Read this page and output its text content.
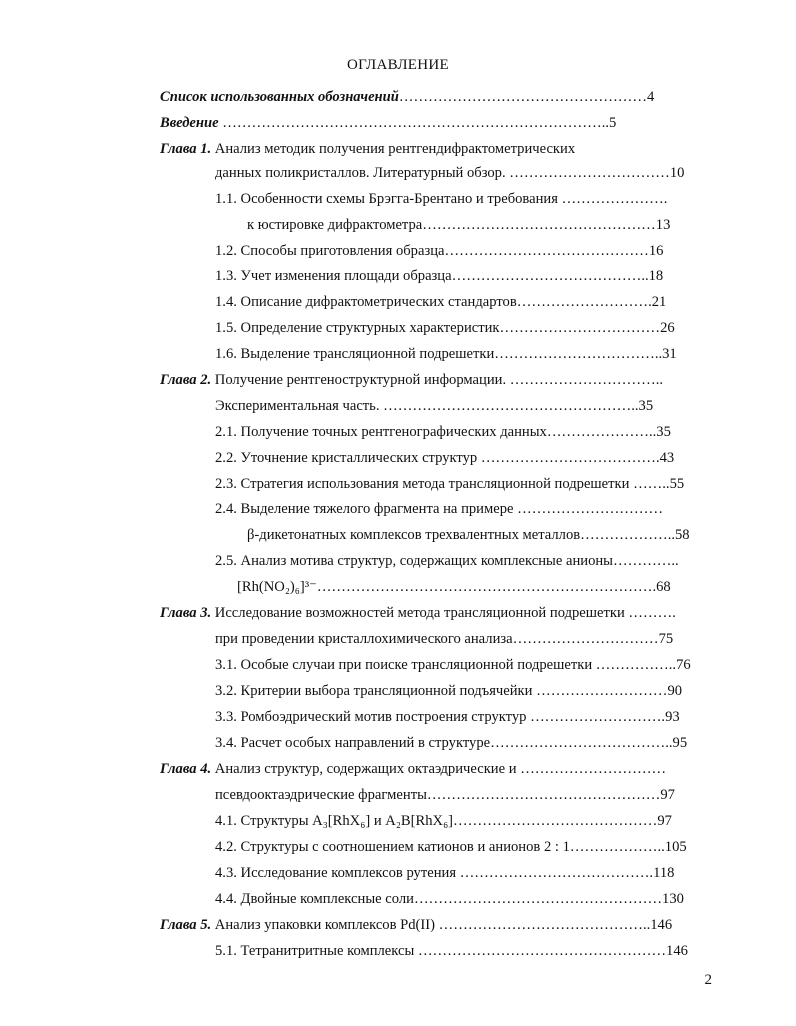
ОГЛАВЛЕНИЕ
Список использованных обозначений……………………………………………4
Введение ……………………………………………………………………..5
Глава 1. Анализ методик получения рентгендифрактометрических
данных поликристаллов. Литературный обзор. ……………………………10
1.1. Особенности схемы Брэгга-Брентано и требования ………………….
к юстировке дифрактометра…………………………………………13
1.2. Способы приготовления образца……………………………………16
1.3. Учет изменения площади образца…………………………………..18
1.4. Описание дифрактометрических стандартов……………………….21
1.5. Определение структурных характеристик……………………………26
1.6. Выделение трансляционной подрешетки……………………………..31
Глава 2. Получение рентгеноструктурной информации. …………………………..
Экспериментальная часть. ……………………………………………..35
2.1. Получение точных рентгенографических данных…………………..35
2.2. Уточнение кристаллических структур ……………………………….43
2.3. Стратегия использования метода трансляционной подрешетки ……..55
2.4. Выделение тяжелого фрагмента на примере …………………………
β-дикетонатных комплексов трехвалентных металлов………………..58
2.5. Анализ мотива структур, содержащих комплексные анионы…………..
[Rh(NO₂)₆]³⁻…………………………………………………………….68
Глава 3. Исследование возможностей метода трансляционной подрешетки ……….
при проведении кристаллохимического анализа…………………………75
3.1. Особые случаи при поиске трансляционной подрешетки ……………..76
3.2. Критерии выбора трансляционной подъячейки ………………………90
3.3. Ромбоэдрический мотив построения структур ……………………….93
3.4. Расчет особых направлений в структуре………………………………..95
Глава 4. Анализ структур, содержащих октаэдрические и …………………………
псевдооктаэдрические фрагменты…………………………………………97
4.1. Структуры A₃[RhX₆] и A₂B[RhX₆]……………………………………97
4.2. Структуры с соотношением катионов и анионов 2 : 1………………..105
4.3. Исследование комплексов рутения ………………………………….118
4.4. Двойные комплексные соли……………………………………………130
Глава 5. Анализ упаковки комплексов Pd(II) ……………………………………..146
5.1. Тетранитритные комплексы ……………………………………………146
2
